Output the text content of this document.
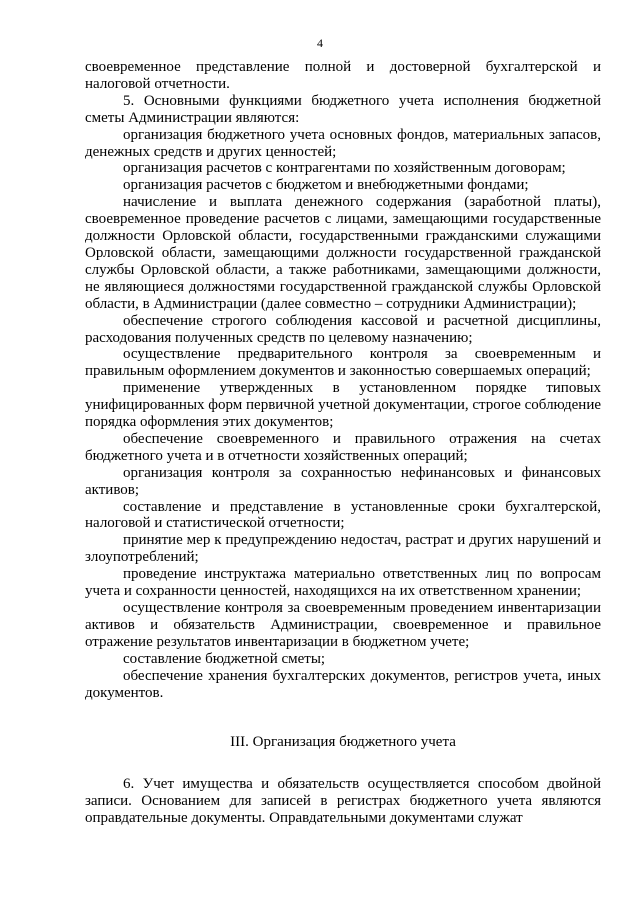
4

своевременное представление полной и достоверной бухгалтерской и налоговой отчетности.

5. Основными функциями бюджетного учета исполнения бюджетной сметы Администрации являются:

организация бюджетного учета основных фондов, материальных запасов, денежных средств и других ценностей;

организация расчетов с контрагентами по хозяйственным договорам;

организация расчетов с бюджетом и внебюджетными фондами;

начисление и выплата денежного содержания (заработной платы), своевременное проведение расчетов с лицами, замещающими государственные должности Орловской области, государственными гражданскими служащими Орловской области, замещающими должности государственной гражданской службы Орловской области, а также работниками, замещающими должности, не являющиеся должностями государственной гражданской службы Орловской области, в Администрации (далее совместно – сотрудники Администрации);

обеспечение строгого соблюдения кассовой и расчетной дисциплины, расходования полученных средств по целевому назначению;

осуществление предварительного контроля за своевременным и правильным оформлением документов и законностью совершаемых операций;

применение утвержденных в установленном порядке типовых унифицированных форм первичной учетной документации, строгое соблюдение порядка оформления этих документов;

обеспечение своевременного и правильного отражения на счетах бюджетного учета и в отчетности хозяйственных операций;

организация контроля за сохранностью нефинансовых и финансовых активов;

составление и представление в установленные сроки бухгалтерской, налоговой и статистической отчетности;

принятие мер к предупреждению недостач, растрат и других нарушений и злоупотреблений;

проведение инструктажа материально ответственных лиц по вопросам учета и сохранности ценностей, находящихся на их ответственном хранении;

осуществление контроля за своевременным проведением инвентаризации активов и обязательств Администрации, своевременное и правильное отражение результатов инвентаризации в бюджетном учете;

составление бюджетной сметы;

обеспечение хранения бухгалтерских документов, регистров учета, иных документов.

III. Организация бюджетного учета

6. Учет имущества и обязательств осуществляется способом двойной записи. Основанием для записей в регистрах бюджетного учета являются оправдательные документы. Оправдательными документами служат
